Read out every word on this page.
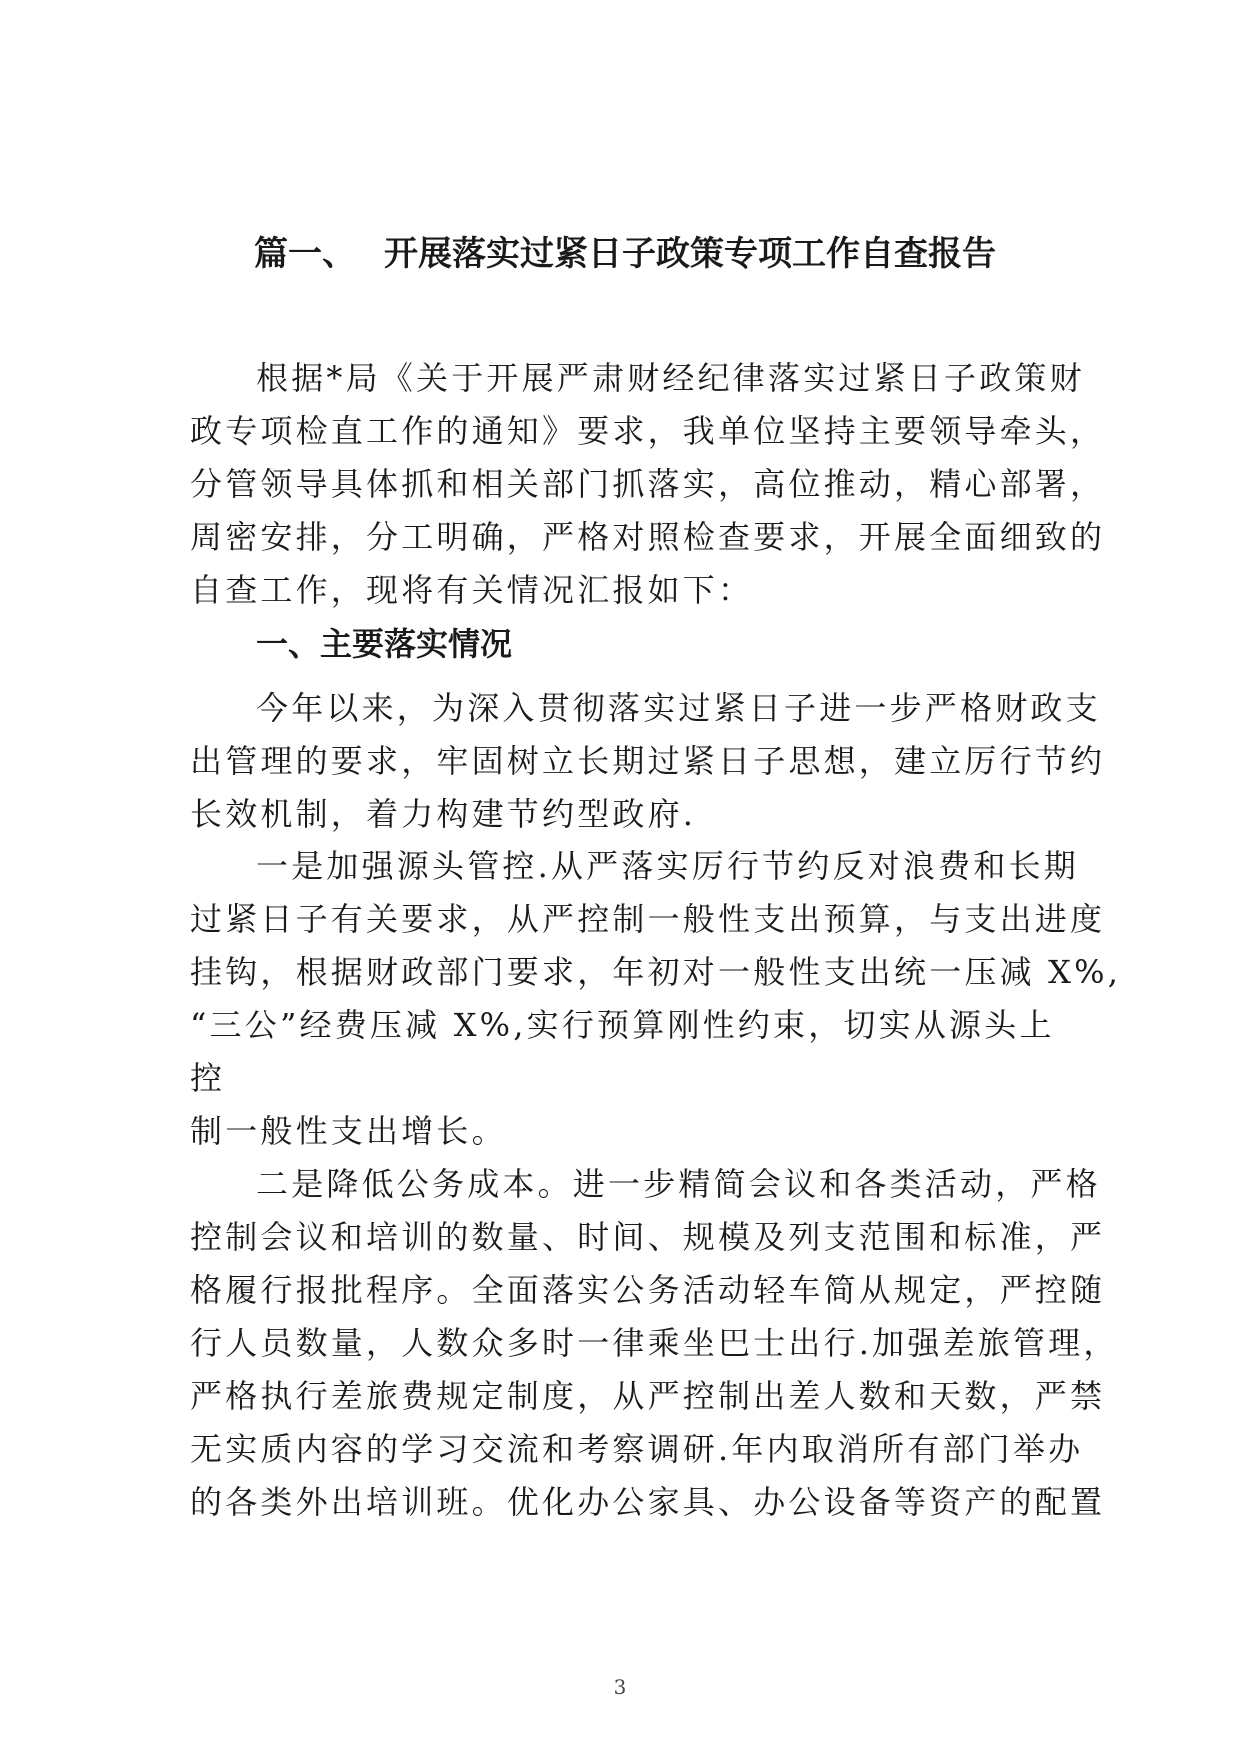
篇一、 开展落实过紧日子政策专项工作自查报告

根据*局《关于开展严肃财经纪律落实过紧日子政策财
政专项检直工作的通知》要求，我单位坚持主要领导牵头，
分管领导具体抓和相关部门抓落实，高位推动，精心部署，
周密安排，分工明确，严格对照检查要求，开展全面细致的
自查工作，现将有关情况汇报如下：

一、主要落实情况

今年以来，为深入贯彻落实过紧日子进一步严格财政支
出管理的要求，牢固树立长期过紧日子思想，建立厉行节约
长效机制，着力构建节约型政府.

一是加强源头管控.从严落实厉行节约反对浪费和长期
过紧日子有关要求，从严控制一般性支出预算，与支出进度
挂钩，根据财政部门要求，年初对一般性支出统一压减 X%,
“三公”经费压减 X%,实行预算刚性约束，切实从源头上
控
制一般性支出增长。

二是降低公务成本。进一步精简会议和各类活动，严格
控制会议和培训的数量、时间、规模及列支范围和标准，严
格履行报批程序。全面落实公务活动轻车简从规定，严控随
行人员数量，人数众多时一律乘坐巴士出行.加强差旅管理，
严格执行差旅费规定制度，从严控制出差人数和天数，严禁
无实质内容的学习交流和考察调研.年内取消所有部门举办
的各类外出培训班。优化办公家具、办公设备等资产的配置

3
